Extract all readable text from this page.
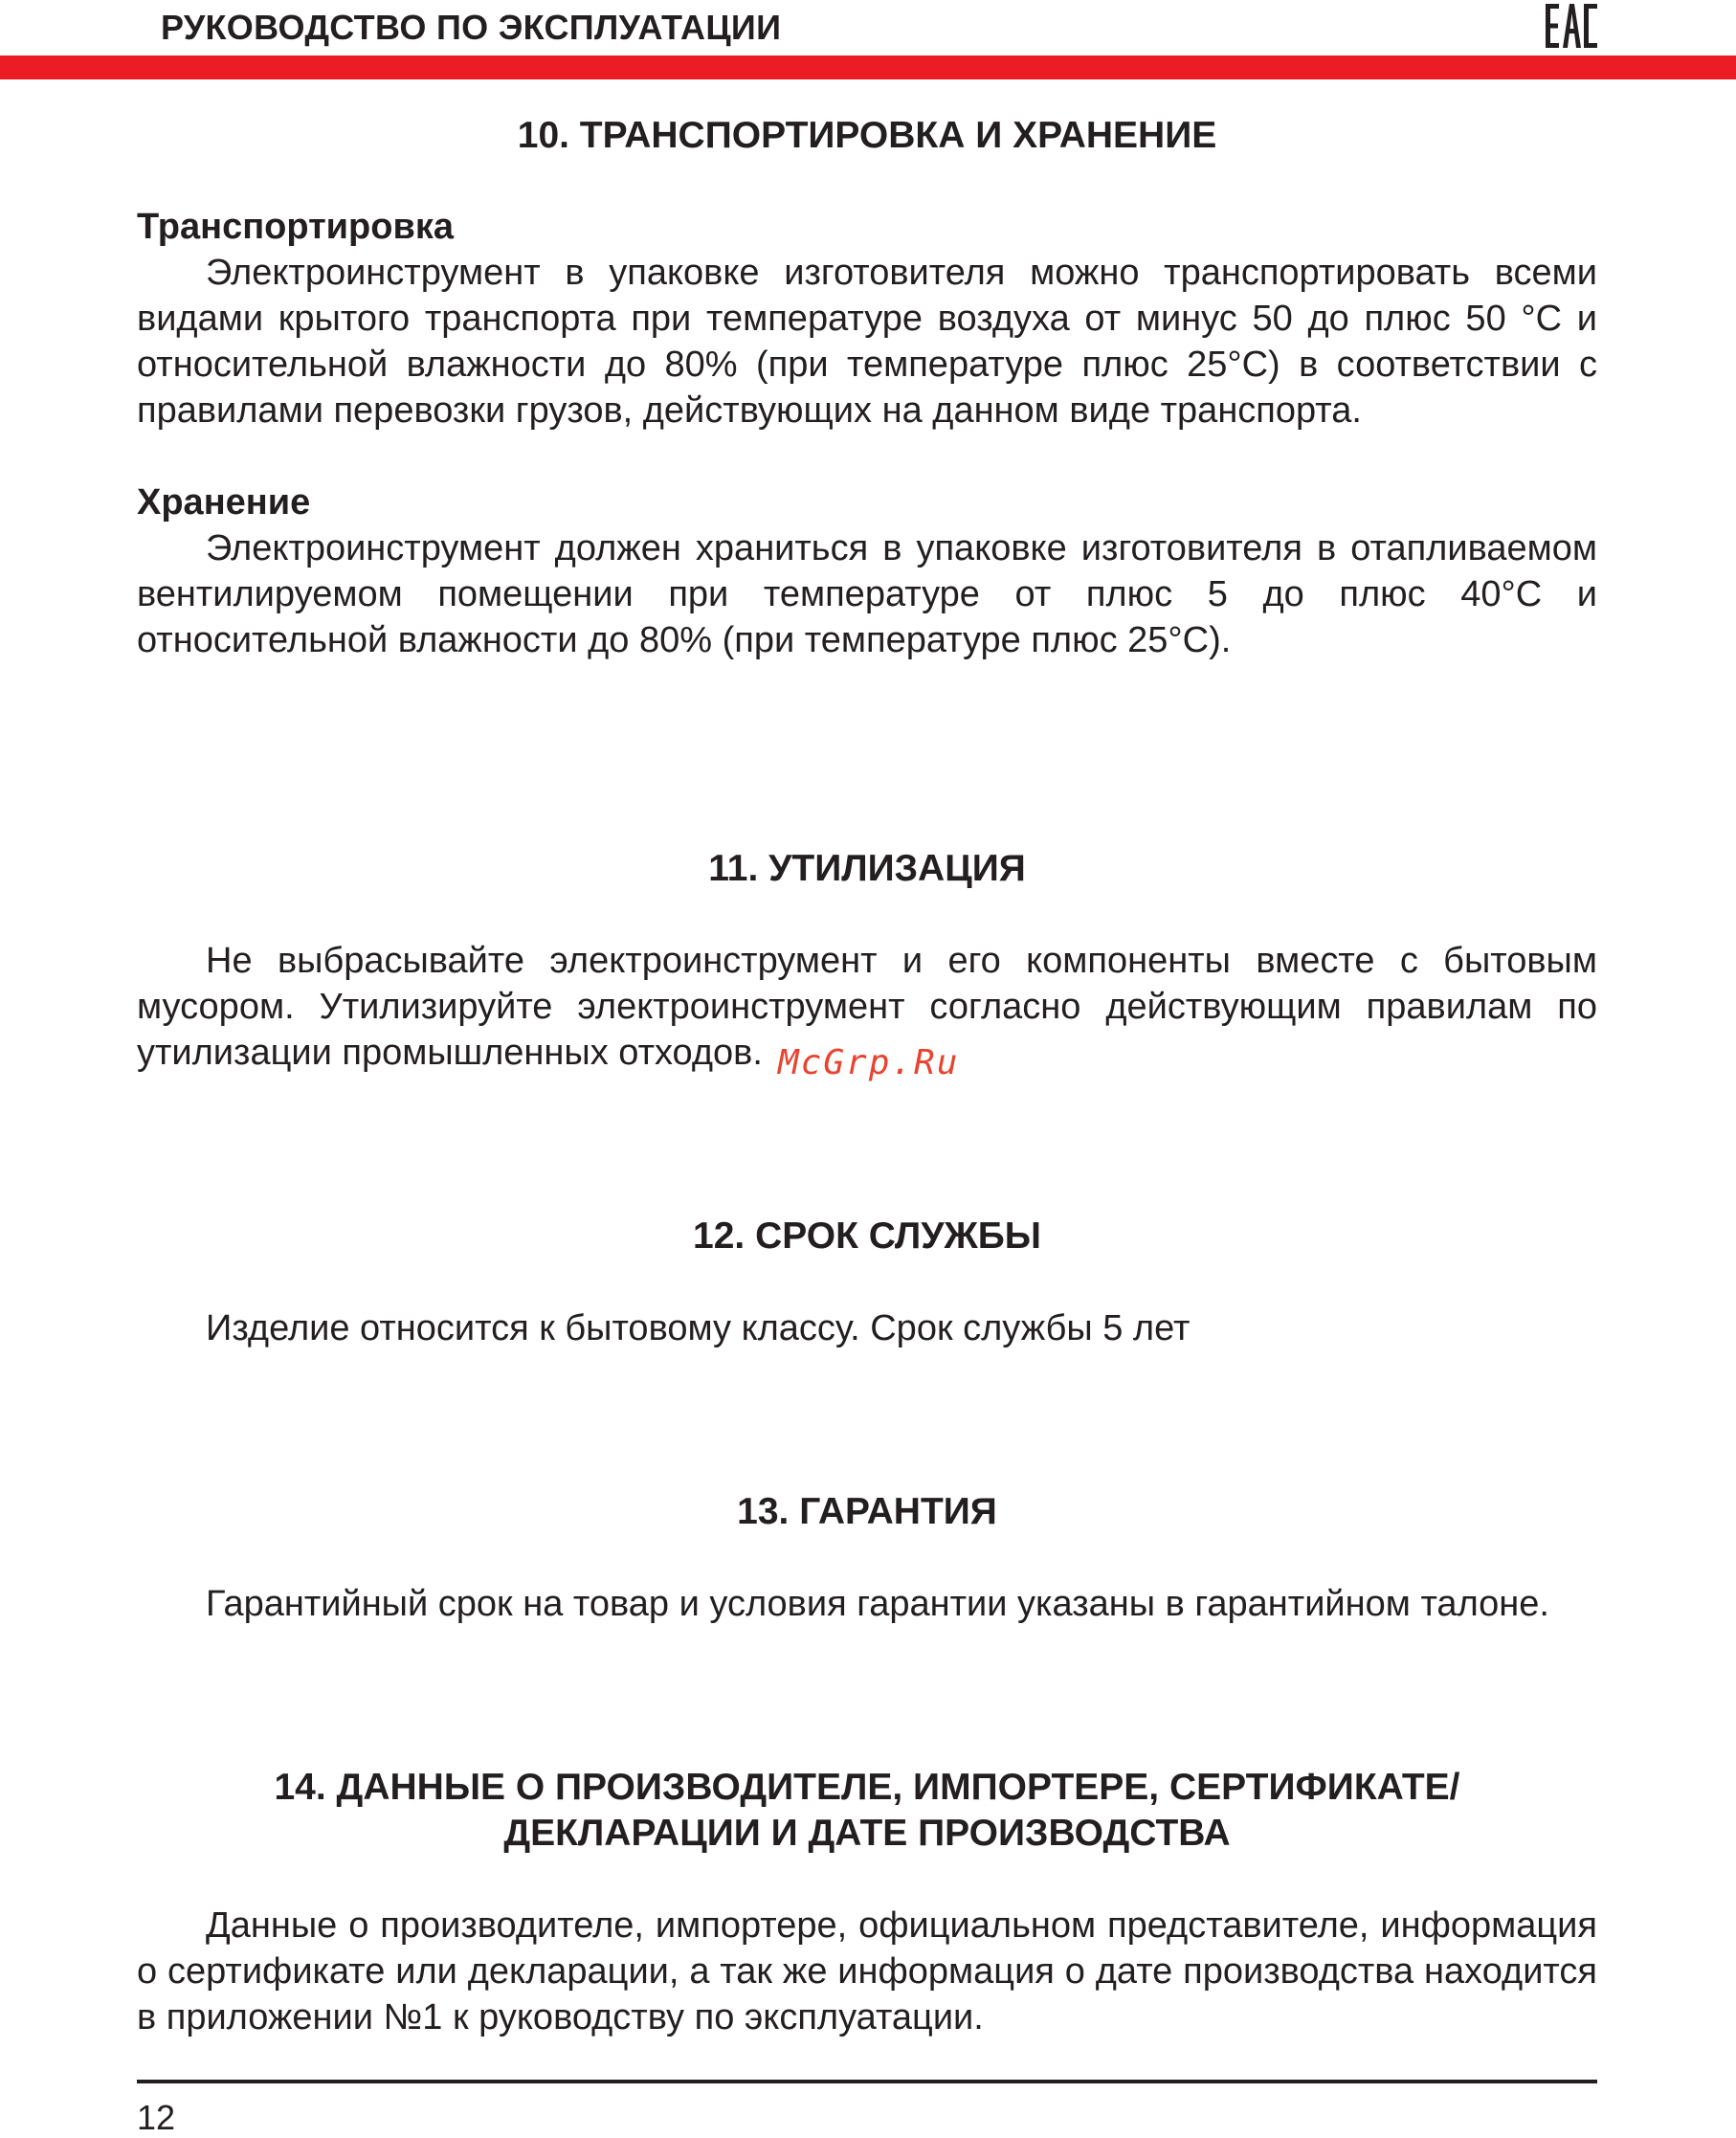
РУКОВОДСТВО ПО ЭКСПЛУАТАЦИИ
10. ТРАНСПОРТИРОВКА И ХРАНЕНИЕ
Транспортировка

Электроинструмент в упаковке изготовителя можно транспортировать всеми видами крытого транспорта при температуре воздуха от минус 50 до плюс 50 °С и относительной влажности до 80% (при температуре плюс 25°С) в соответствии с правилами перевозки грузов, действующих на данном виде транспорта.

Хранение

Электроинструмент должен храниться в упаковке изготовителя в отапливаемом вентилируемом помещении при температуре от плюс 5 до плюс 40°С и относительной влажности до 80% (при температуре плюс 25°С).

11. УТИЛИЗАЦИЯ

Не выбрасывайте электроинструмент и его компоненты вместе с бытовым мусором. Утилизируйте электроинструмент согласно действующим правилам по утилизации промышленных отходов.

12. СРОК СЛУЖБЫ

Изделие относится к бытовому классу. Срок службы 5 лет

13. ГАРАНТИЯ

Гарантийный срок на товар и условия гарантии указаны в гарантийном талоне.

14. ДАННЫЕ О ПРОИЗВОДИТЕЛЕ, ИМПОРТЕРЕ, СЕРТИФИКАТЕ/
ДЕКЛАРАЦИИ И ДАТЕ ПРОИЗВОДСТВА

Данные о производителе, импортере, официальном представителе, информация о сертификате или декларации, а так же информация о дате производства находится в приложении №1 к руководству по эксплуатации.

McGrp.Ru
12
